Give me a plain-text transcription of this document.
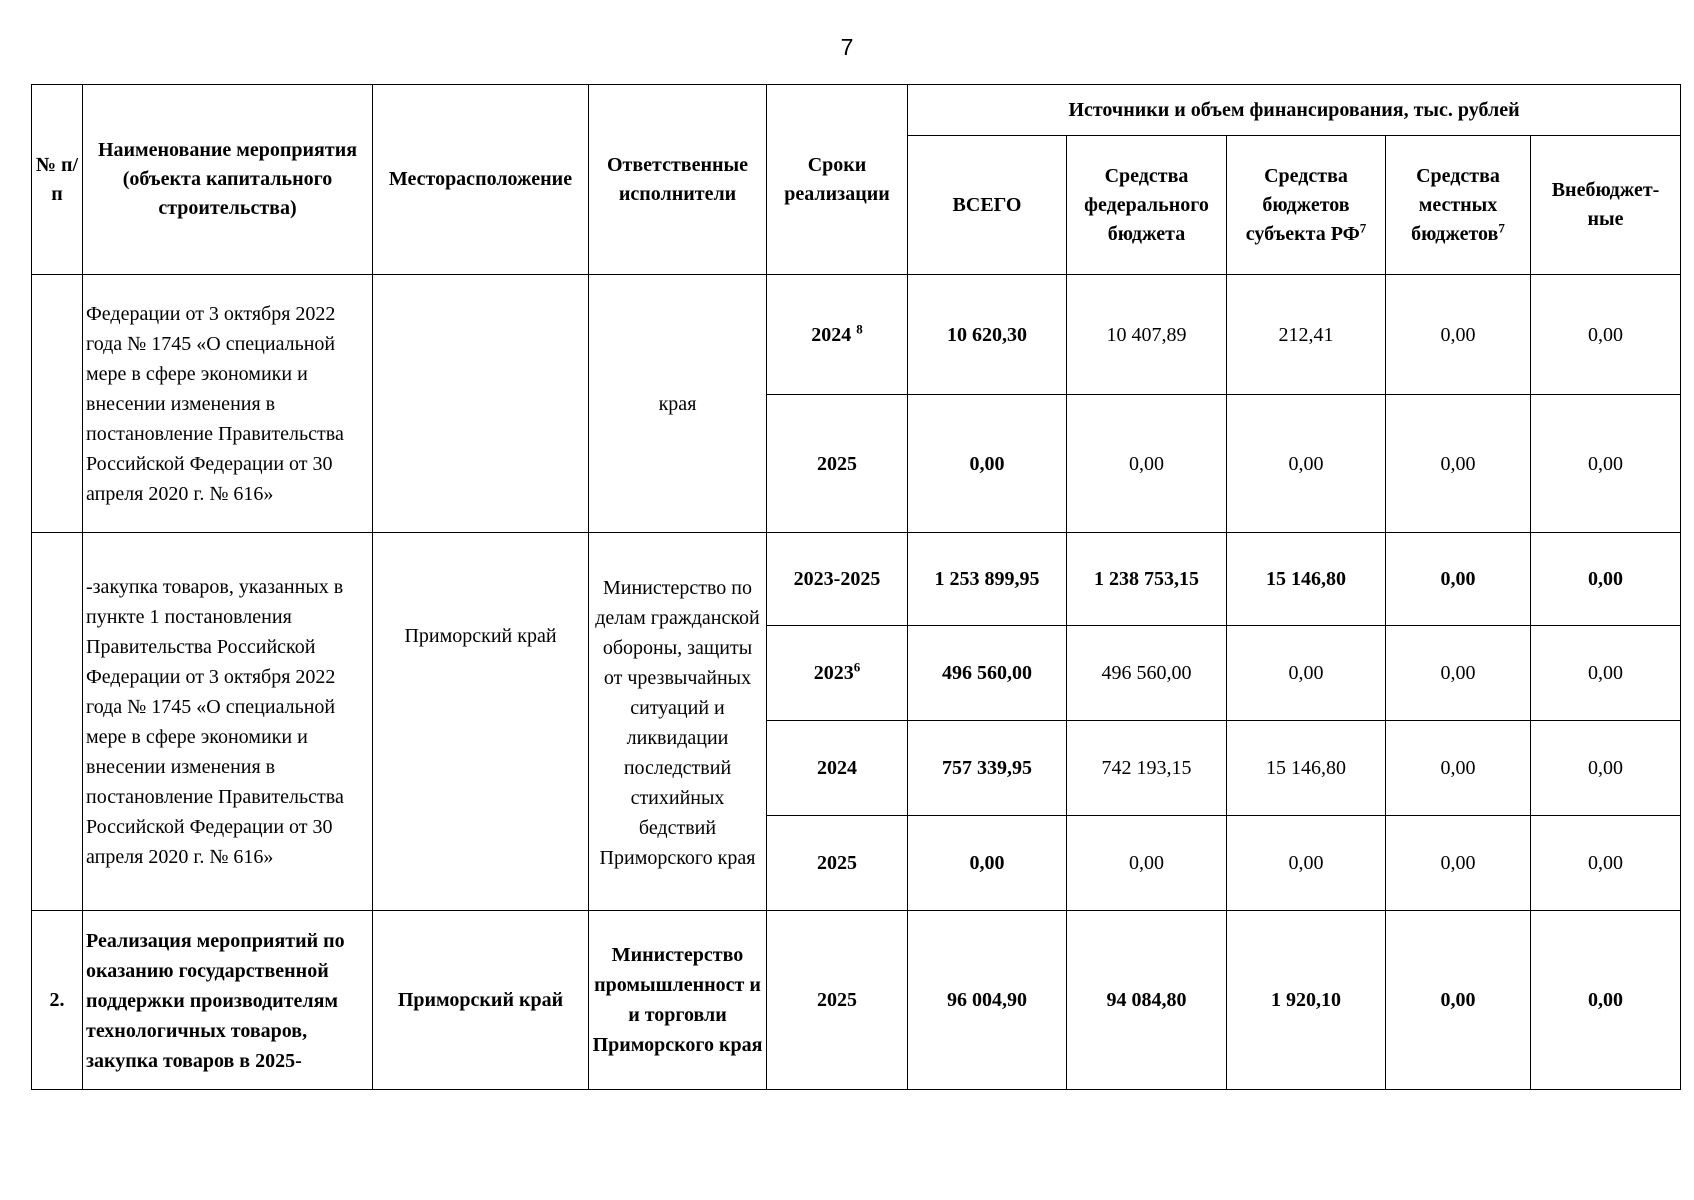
7
№ п/п	Наименование мероприятия (объекта капитального строительства)	Месторасположение	Ответственные исполнители	Сроки реализации	Источники и объем финансирования, тыс. рублей				
					ВСЕГО	Средства федерального бюджета	Средства бюджетов субъекта $РФ^7$	Средства местных бюджетов$^7$	Внебюджет-ные
	Федерации от 3 октября 2022 года № 1745 «О специальной мере в сфере экономики и внесении изменения в постановление Правительства Российской Федерации от 30 апреля 2020 г. № 616»		края	2024 $^8$	10 620,30	10 407,89	212,41	0,00	0,00
				2025	0,00	0,00	0,00	0,00	0,00
	-закупка товаров, указанных в пункте 1 постановления Правительства Российской Федерации от 3 октября 2022 года № 1745 «О специальной мере в сфере экономики и внесении изменения в постановление Правительства Российской Федерации от 30 апреля 2020 г. № 616»	Приморский край	Министерство по делам гражданской обороны, защиты от чрезвычайных ситуаций и ликвидации последствий стихийных бедствий Приморского края	2023-2025	1 253 899,95	1 238 753,15	15 146,80	0,00	0,00
				2023$^6$	496 560,00	496 560,00	0,00	0,00	0,00
				2024	757 339,95	742 193,15	15 146,80	0,00	0,00
				2025	0,00	0,00	0,00	0,00	0,00
2.	Реализация мероприятий по оказанию государственной поддержки производителям технологичных товаров, закупка товаров в 2025-	Приморский край	Министерство промышленност и и торговли Приморского края	2025	96 004,90	94 084,80	1 920,10	0,00	0,00
